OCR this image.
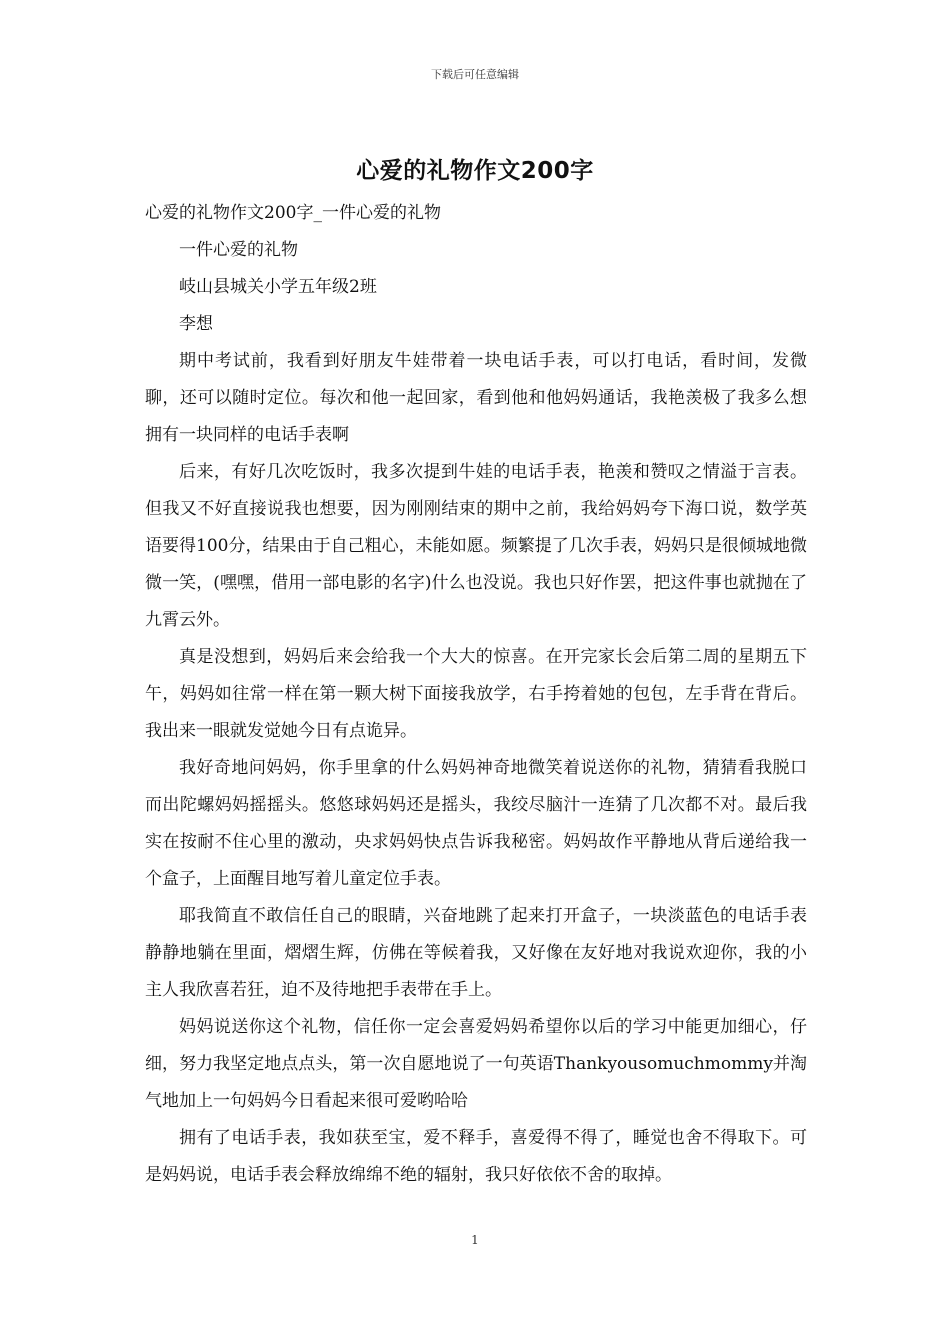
下载后可任意编辑
心爱的礼物作文200字

心爱的礼物作文200字_一件心爱的礼物

一件心爱的礼物

岐山县城关小学五年级2班

李想

期中考试前，我看到好朋友牛娃带着一块电话手表，可以打电话，看时间，发微聊，还可以随时定位。每次和他一起回家，看到他和他妈妈通话，我艳羡极了我多么想拥有一块同样的电话手表啊

后来，有好几次吃饭时，我多次提到牛娃的电话手表，艳羡和赞叹之情溢于言表。但我又不好直接说我也想要，因为刚刚结束的期中之前，我给妈妈夸下海口说，数学英语要得100分，结果由于自己粗心，未能如愿。频繁提了几次手表，妈妈只是很倾城地微微一笑，(嘿嘿，借用一部电影的名字)什么也没说。我也只好作罢，把这件事也就抛在了九霄云外。

真是没想到，妈妈后来会给我一个大大的惊喜。在开完家长会后第二周的星期五下午，妈妈如往常一样在第一颗大树下面接我放学，右手挎着她的包包，左手背在背后。我出来一眼就发觉她今日有点诡异。

我好奇地问妈妈，你手里拿的什么妈妈神奇地微笑着说送你的礼物，猜猜看我脱口而出陀螺妈妈摇摇头。悠悠球妈妈还是摇头，我绞尽脑汁一连猜了几次都不对。最后我实在按耐不住心里的激动，央求妈妈快点告诉我秘密。妈妈故作平静地从背后递给我一个盒子，上面醒目地写着儿童定位手表。

耶我简直不敢信任自己的眼睛，兴奋地跳了起来打开盒子，一块淡蓝色的电话手表静静地躺在里面，熠熠生辉，仿佛在等候着我，又好像在友好地对我说欢迎你，我的小主人我欣喜若狂，迫不及待地把手表带在手上。

妈妈说送你这个礼物，信任你一定会喜爱妈妈希望你以后的学习中能更加细心，仔细，努力我坚定地点点头，第一次自愿地说了一句英语Thankyousomuchmommy并淘气地加上一句妈妈今日看起来很可爱哟哈哈

拥有了电话手表，我如获至宝，爱不释手，喜爱得不得了，睡觉也舍不得取下。可是妈妈说，电话手表会释放绵绵不绝的辐射，我只好依依不舍的取掉。

1
